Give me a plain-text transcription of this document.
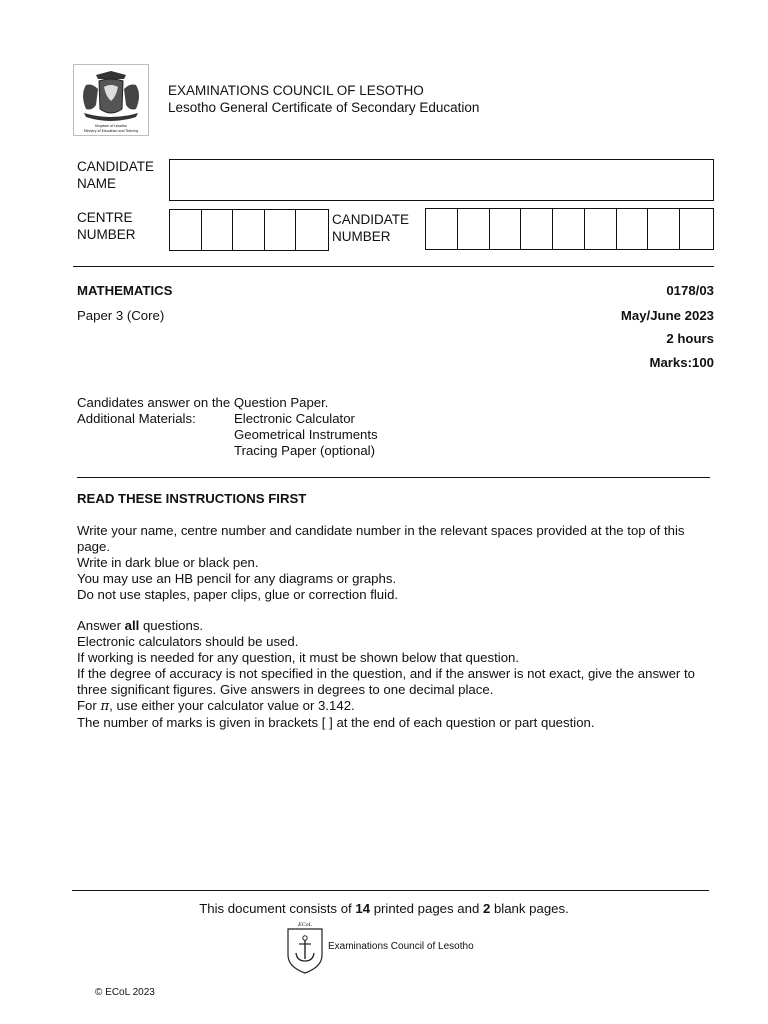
Kingdom of Lesotho
Ministry of Education and Training
EXAMINATIONS COUNCIL OF LESOTHO
Lesotho General Certificate of Secondary Education
CANDIDATE
NAME
CENTRE
NUMBER
CANDIDATE
NUMBER
MATHEMATICS	0178/03
Paper 3 (Core)	May/June 2023
2 hours
Marks:100

Candidates answer on the Question Paper.

Additional Materials:	Electronic Calculator
Geometrical Instruments
Tracing Paper (optional)
READ THESE INSTRUCTIONS FIRST

Write your name, centre number and candidate number in the relevant spaces provided at the top of this page.

Write in dark blue or black pen.

You may use an HB pencil for any diagrams or graphs.

Do not use staples, paper clips, glue or correction fluid.

Answer all questions.

Electronic calculators should be used.

If working is needed for any question, it must be shown below that question.

If the degree of accuracy is not specified in the question, and if the answer is not exact, give the answer to three significant figures. Give answers in degrees to one decimal place.

For π, use either your calculator value or 3.142.

The number of marks is given in brackets [ ] at the end of each question or part question.

This document consists of 14 printed pages and 2 blank pages.
ECoL
Examinations Council of Lesotho
© ECoL 2023
